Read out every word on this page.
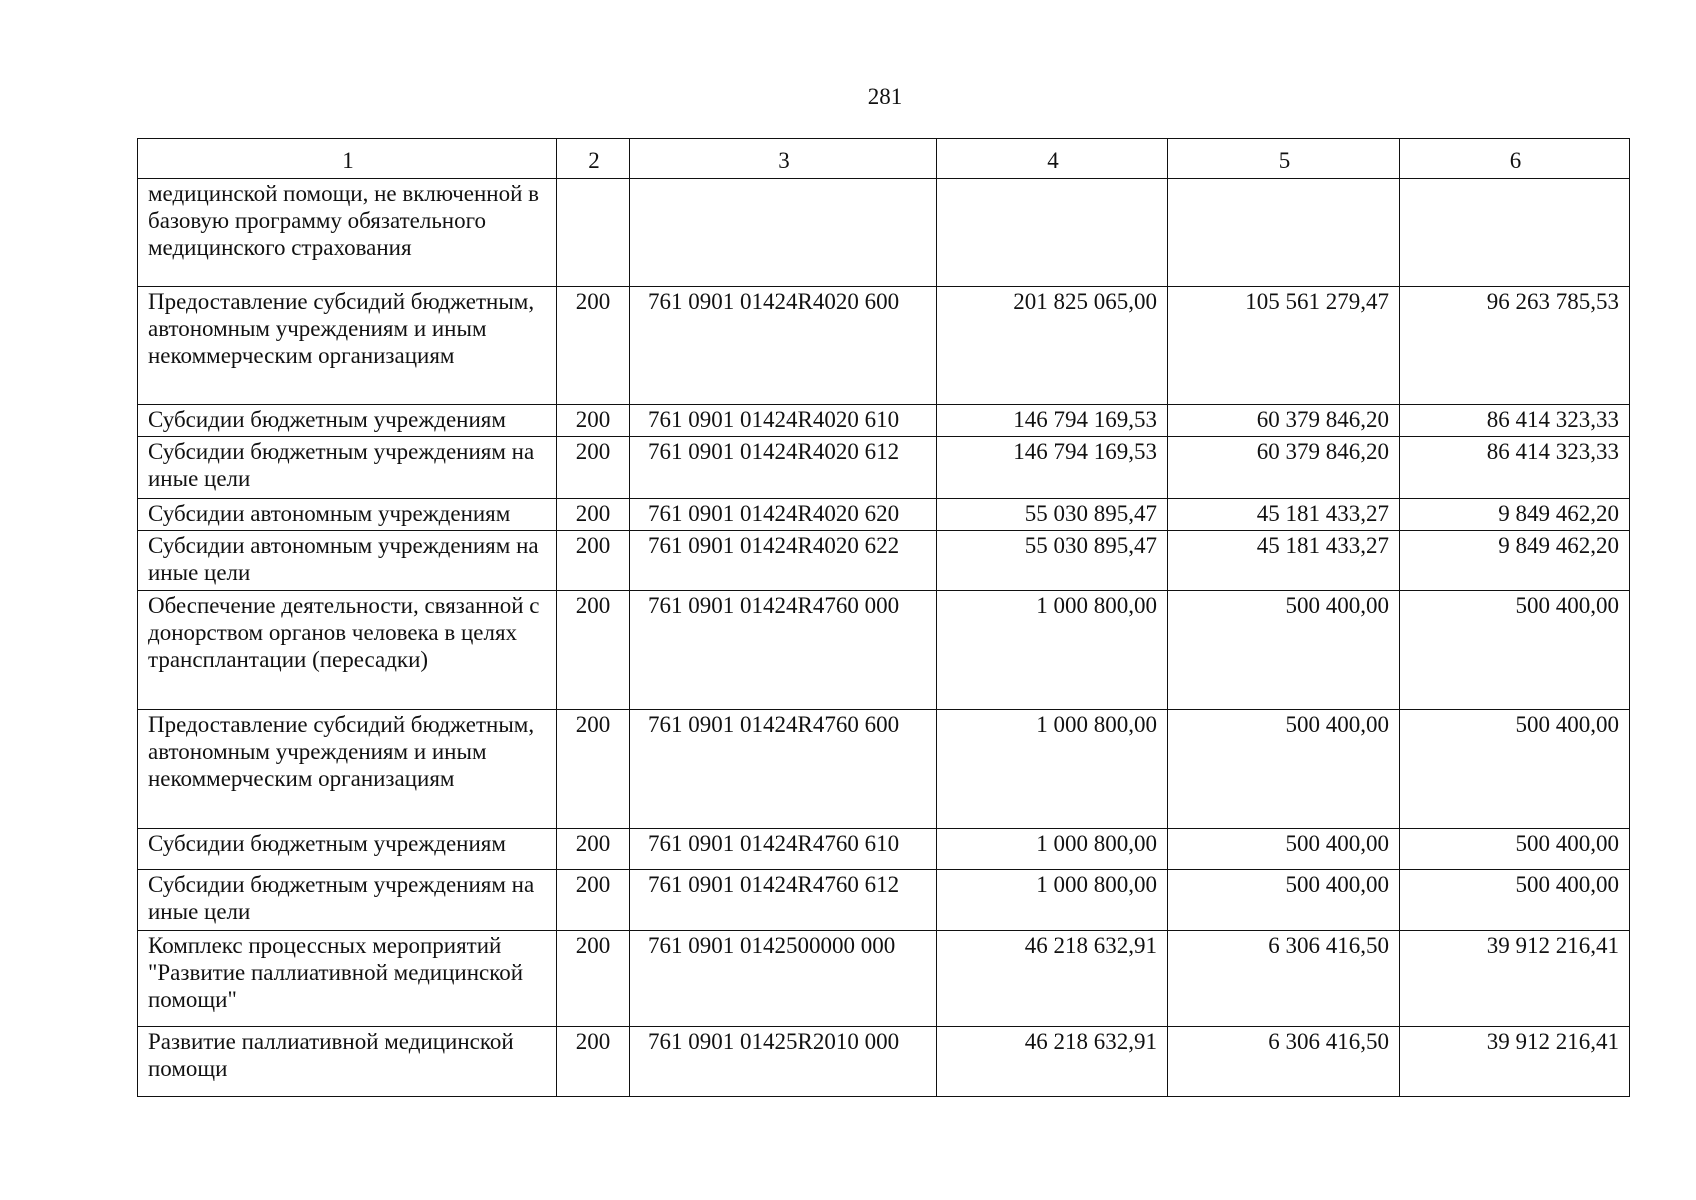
281
1	2	3	4	5	6
медицинской помощи, не включенной в базовую программу обязательного медицинского страхования					
Предоставление субсидий бюджетным, автономным учреждениям и иным некоммерческим организациям	200	761 0901 01424R4020 600	201 825 065,00	105 561 279,47	96 263 785,53
Субсидии бюджетным учреждениям	200	761 0901 01424R4020 610	146 794 169,53	60 379 846,20	86 414 323,33
Субсидии бюджетным учреждениям на иные цели	200	761 0901 01424R4020 612	146 794 169,53	60 379 846,20	86 414 323,33
Субсидии автономным учреждениям	200	761 0901 01424R4020 620	55 030 895,47	45 181 433,27	9 849 462,20
Субсидии автономным учреждениям на иные цели	200	761 0901 01424R4020 622	55 030 895,47	45 181 433,27	9 849 462,20
Обеспечение деятельности, связанной с донорством органов человека в целях трансплантации (пересадки)	200	761 0901 01424R4760 000	1 000 800,00	500 400,00	500 400,00
Предоставление субсидий бюджетным, автономным учреждениям и иным некоммерческим организациям	200	761 0901 01424R4760 600	1 000 800,00	500 400,00	500 400,00
Субсидии бюджетным учреждениям	200	761 0901 01424R4760 610	1 000 800,00	500 400,00	500 400,00
Субсидии бюджетным учреждениям на иные цели	200	761 0901 01424R4760 612	1 000 800,00	500 400,00	500 400,00
Комплекс процессных мероприятий "Развитие паллиативной медицинской помощи"	200	761 0901 0142500000 000	46 218 632,91	6 306 416,50	39 912 216,41
Развитие паллиативной медицинской помощи	200	761 0901 01425R2010 000	46 218 632,91	6 306 416,50	39 912 216,41
